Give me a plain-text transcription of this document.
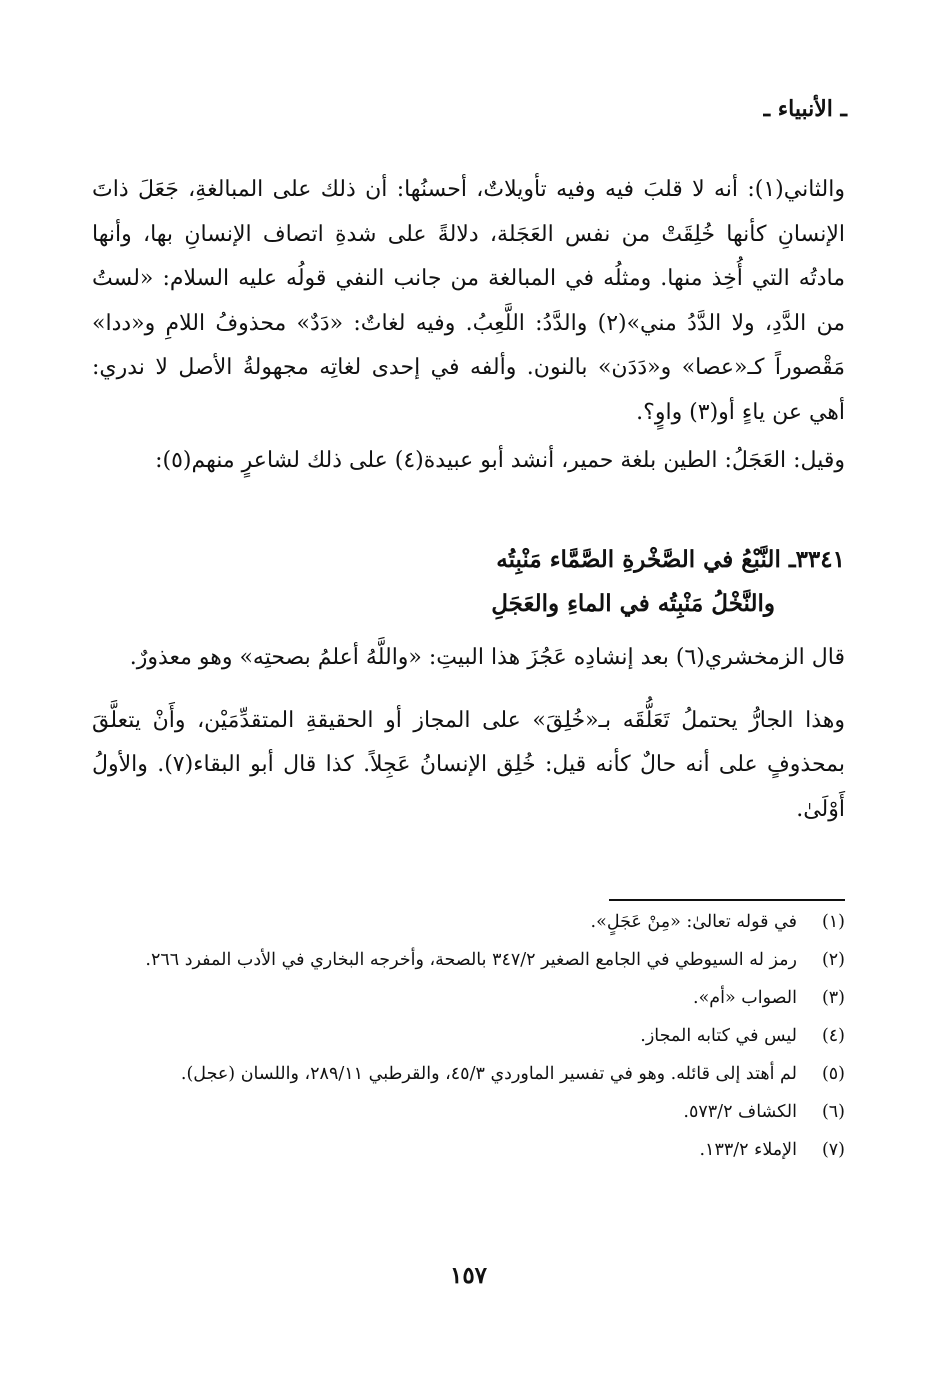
ـ الأنبياء ـ

والثاني(١): أنه لا قلبَ فيه وفيه تأويلاتٌ، أحسنُها: أن ذلك على المبالغةِ، جَعَلَ ذاتَ الإنسانِ كأنها خُلِقَتْ من نفس العَجَلة، دلالةً على شدةِ اتصاف الإنسانِ بها، وأنها مادتُه التي أُخِذ منها. ومثلُه في المبالغة من جانب النفي قولُه عليه السلام: «لستُ من الدَّدِ، ولا الدَّدُ مني»(٢) والدَّدُ: اللَّعِبُ. وفيه لغاتٌ: «دَدٌ» محذوفُ اللامِ و«ددا» مَقْصوراً كـ«عصا» و«دَدَن» بالنون. وألفه في إحدى لغاتِه مجهولةُ الأصل لا ندري: أهي عن ياءٍ أو(٣) واوٍ؟.

وقيل: العَجَلُ: الطين بلغة حمير، أنشد أبو عبيدة(٤) على ذلك لشاعرٍ منهم(٥):

٣٣٤١ـ النَّبْعُ في الصَّخْرةِ الصَّمَّاء مَنْبِتُه
والنَّخْلُ مَنْبِتُه في الماءِ والعَجَلِ

قال الزمخشري(٦) بعد إنشادِه عَجُزَ هذا البيتِ: «واللَّهُ أعلمُ بصحتِه» وهو معذورٌ.

وهذا الجارُّ يحتملُ تَعَلُّقَه بـ«خُلِقَ» على المجاز أو الحقيقةِ المتقدِّمَيْن، وأَنْ يتعلَّقَ بمحذوفٍ على أنه حالٌ كأنه قيل: خُلِق الإنسانُ عَجِلاً. كذا قال أبو البقاء(٧). والأولُ أَوْلَىٰ.

(١)
في قوله تعالىٰ: «مِنْ عَجَلٍ».
(٢)
رمز له السيوطي في الجامع الصغير ٣٤٧/٢ بالصحة، وأخرجه البخاري في الأدب المفرد ٢٦٦.
(٣)
الصواب «أم».
(٤)
ليس في كتابه المجاز.
(٥)
لم أهتد إلى قائله. وهو في تفسير الماوردي ٤٥/٣، والقرطبي ٢٨٩/١١، واللسان (عجل).
(٦)
الكشاف ٥٧٣/٢.
(٧)
الإملاء ١٣٣/٢.
١٥٧
